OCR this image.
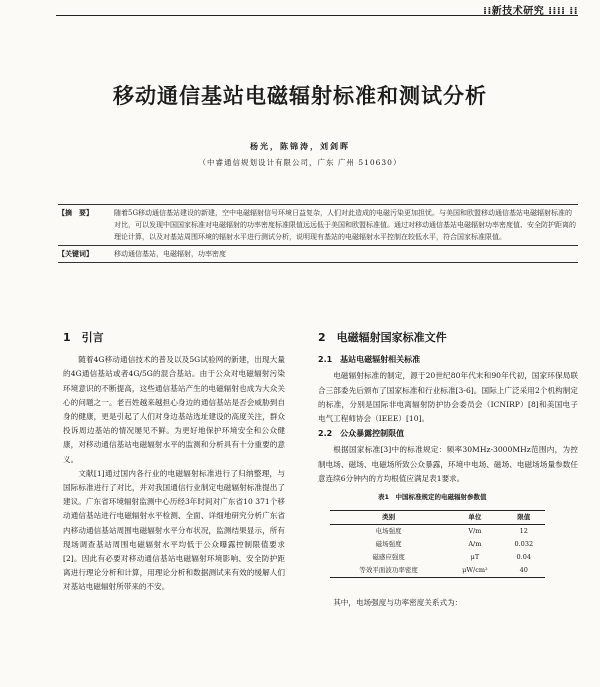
⁞⁞新技术研究 ⁞⁞⁞⁞ ⁞⁞
移动通信基站电磁辐射标准和测试分析
杨光，陈锦涛，刘剑晖
（中睿通信规划设计有限公司，广东 广州 510630）
【摘　要】	随着5G移动通信基站建设的新建，空中电磁辐射信号环境日益复杂，人们对此造成的电磁污染更加担忧。与美国和欧盟移动通信基站电磁辐射标准的对比，可以发现中国国家标准对电磁辐射的功率密度标准限值远远低于美国和欧盟标准值。通过对移动通信基站电磁辐射功率密度值、安全防护距离的理论计算，以及对基站周围环境的辐射水平进行测试分析，说明现有基站的电磁辐射水平控制在较低水平，符合国家标准限值。
【关键词】	移动通信基站，电磁辐射，功率密度
1　引言

随着4G移动通信技术的普及以及5G试验网的新建，出现大量的4G通信基站或者4G/5G的混合基站。由于公众对电磁辐射污染环境意识的不断提高，这些通信基站产生的电磁辐射也成为大众关心的问题之一。老百姓越来越担心身边的通信基站是否会威胁到自身的健康，更是引起了人们对身边基站选址建设的高度关注，群众投诉周边基站的情况屡见不鲜。为更好地保护环境安全和公众健康，对移动通信基站电磁辐射水平的监测和分析具有十分重要的意义。

文献[1]通过国内各行业的电磁辐射标准进行了归纳整理，与国际标准进行了对比，并对我国通信行业制定电磁辐射标准提出了建议。广东省环境辐射监测中心历经3年时间对广东省10 371个移动通信基站进行电磁辐射水平检测、全面、详细地研究分析广东省内移动通信基站周围电磁辐射水平分布状况，监测结果显示，所有现场调查基站周围电磁辐射水平均低于公众曝露控制限值要求[2]。因此有必要对移动通信基站电磁辐射环境影响、安全防护距离进行理论分析和计算，用理论分析和数据测试来有效的缓解人们对基站电磁辐射所带来的不安。

2　电磁辐射国家标准文件
2.1　基站电磁辐射相关标准

电磁辐射标准的制定，源于20世纪80年代末和90年代初，国家环保局联合三部委先后颁布了国家标准和行业标准[3-6]。国际上广泛采用2个机构制定的标准，分别是国际非电离辐射防护协会委员会（ICNIRP）[8]和美国电子电气工程师协会（IEEE）[10]。

2.2　公众暴露控制限值

根据国家标准[3]中的标准规定：频率30MHz-3000MHz范围内，为控制电场、磁场、电磁场所致公众暴露，环境中电场、磁场、电磁场场量参数任意连续6分钟内的方均根值应满足表1要求。

表1　中国标准规定的电磁辐射参数值
类别	单位	限值
电场强度	V/m	12
磁场强度	A/m	0.032
磁感应强度	μT	0.04
等效平面波功率密度	μW/cm²	40

其中，电场强度与功率密度关系式为：
